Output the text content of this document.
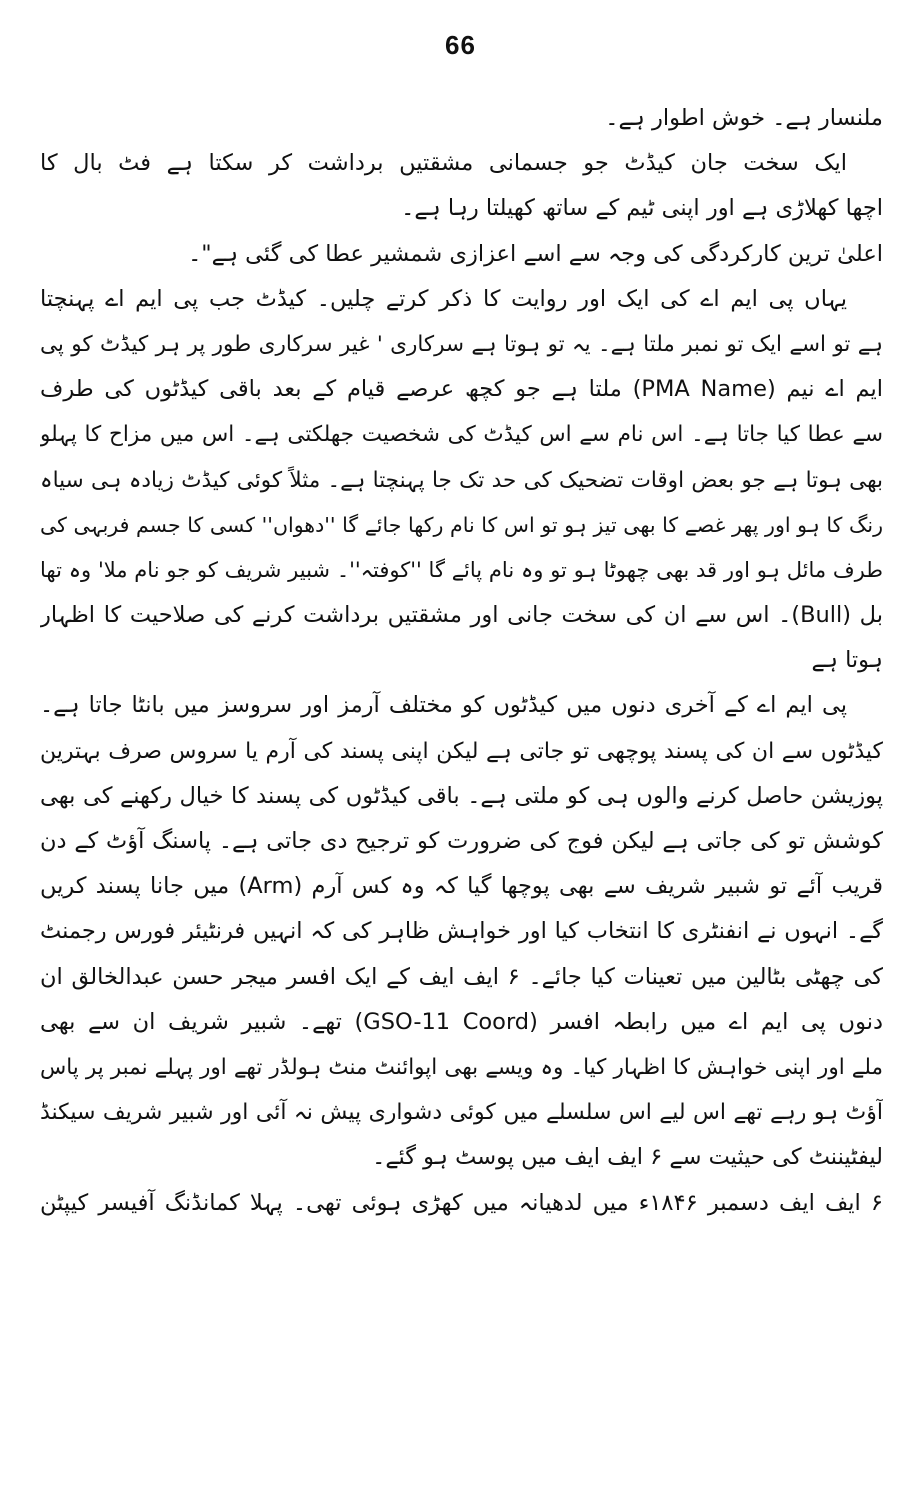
66
ملنسار ہے۔ خوش اطوار ہے۔
ایک سخت جان کیڈٹ جو جسمانی مشقتیں برداشت کر سکتا ہے فٹ بال کا
اچھا کھلاڑی ہے اور اپنی ٹیم کے ساتھ کھیلتا رہا ہے۔
اعلیٰ ترین کارکردگی کی وجہ سے اسے اعزازی شمشیر عطا کی گئی ہے"۔
یہاں پی ایم اے کی ایک اور روایت کا ذکر کرتے چلیں۔ کیڈٹ جب پی ایم اے پہنچتا
ہے تو اسے ایک تو نمبر ملتا ہے۔ یہ تو ہوتا ہے سرکاری ' غیر سرکاری طور پر ہر کیڈٹ کو پی
ایم اے نیم (PMA Name) ملتا ہے جو کچھ عرصے قیام کے بعد باقی کیڈٹوں کی طرف
سے عطا کیا جاتا ہے۔ اس نام سے اس کیڈٹ کی شخصیت جھلکتی ہے۔ اس میں مزاح کا پہلو
بھی ہوتا ہے جو بعض اوقات تضحیک کی حد تک جا پہنچتا ہے۔ مثلاً کوئی کیڈٹ زیادہ ہی سیاہ
رنگ کا ہو اور پھر غصے کا بھی تیز ہو تو اس کا نام رکھا جائے گا ''دھواں'' کسی کا جسم فربہی کی
طرف مائل ہو اور قد بھی چھوٹا ہو تو وہ نام پائے گا ''کوفتہ''۔ شبیر شریف کو جو نام ملا' وہ تھا
بل (Bull)۔ اس سے ان کی سخت جانی اور مشقتیں برداشت کرنے کی صلاحیت کا اظہار
ہوتا ہے
پی ایم اے کے آخری دنوں میں کیڈٹوں کو مختلف آرمز اور سروسز میں بانٹا جاتا ہے۔
کیڈٹوں سے ان کی پسند پوچھی تو جاتی ہے لیکن اپنی پسند کی آرم یا سروس صرف بہترین
پوزیشن حاصل کرنے والوں ہی کو ملتی ہے۔ باقی کیڈٹوں کی پسند کا خیال رکھنے کی بھی
کوشش تو کی جاتی ہے لیکن فوج کی ضرورت کو ترجیح دی جاتی ہے۔ پاسنگ آؤٹ کے دن
قریب آئے تو شبیر شریف سے بھی پوچھا گیا کہ وہ کس آرم (Arm) میں جانا پسند کریں
گے۔ انہوں نے انفنٹری کا انتخاب کیا اور خواہش ظاہر کی کہ انہیں فرنٹیئر فورس رجمنٹ
کی چھٹی بٹالین میں تعینات کیا جائے۔ ۶ ایف ایف کے ایک افسر میجر حسن عبدالخالق ان
دنوں پی ایم اے میں رابطہ افسر (GSO-11 Coord) تھے۔ شبیر شریف ان سے بھی
ملے اور اپنی خواہش کا اظہار کیا۔ وہ ویسے بھی اپوائنٹ منٹ ہولڈر تھے اور پہلے نمبر پر پاس
آؤٹ ہو رہے تھے اس لیے اس سلسلے میں کوئی دشواری پیش نہ آئی اور شبیر شریف سیکنڈ
لیفٹیننٹ کی حیثیت سے ۶ ایف ایف میں پوسٹ ہو گئے۔
۶ ایف ایف دسمبر ۱۸۴۶ء میں لدھیانہ میں کھڑی ہوئی تھی۔ پہلا کمانڈنگ آفیسر کیپٹن
